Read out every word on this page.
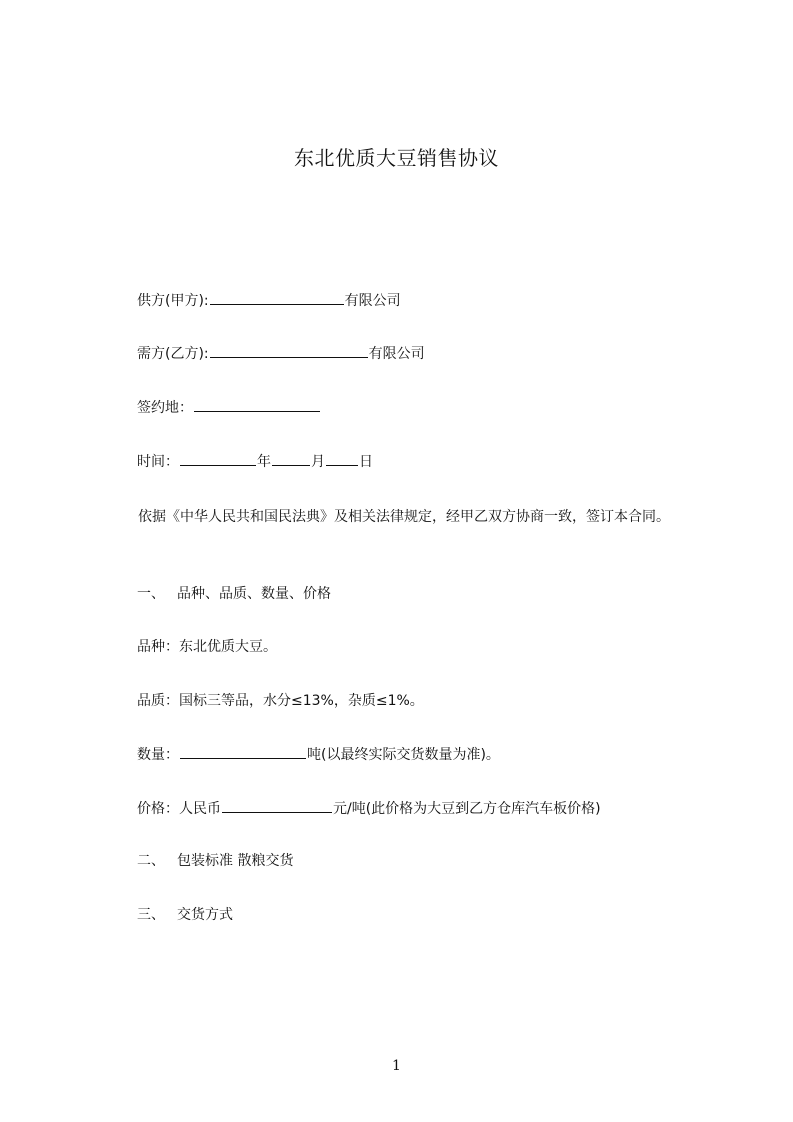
东北优质大豆销售协议
供方(甲方):	有限公司
需方(乙方):	有限公司
签约地：
时间：	年	月 日
依据《中华人民共和国民法典》及相关法律规定，经甲乙双方协商一致，签订本合同。
一、 品种、品质、数量、价格
品种：东北优质大豆。
品质：国标三等品，水分≤13%，杂质≤1%。
数量：	吨(以最终实际交货数量为准)。
价格：人民币	元/吨(此价格为大豆到乙方仓库汽车板价格)
二、 包装标准 散粮交货
三、 交货方式
1
